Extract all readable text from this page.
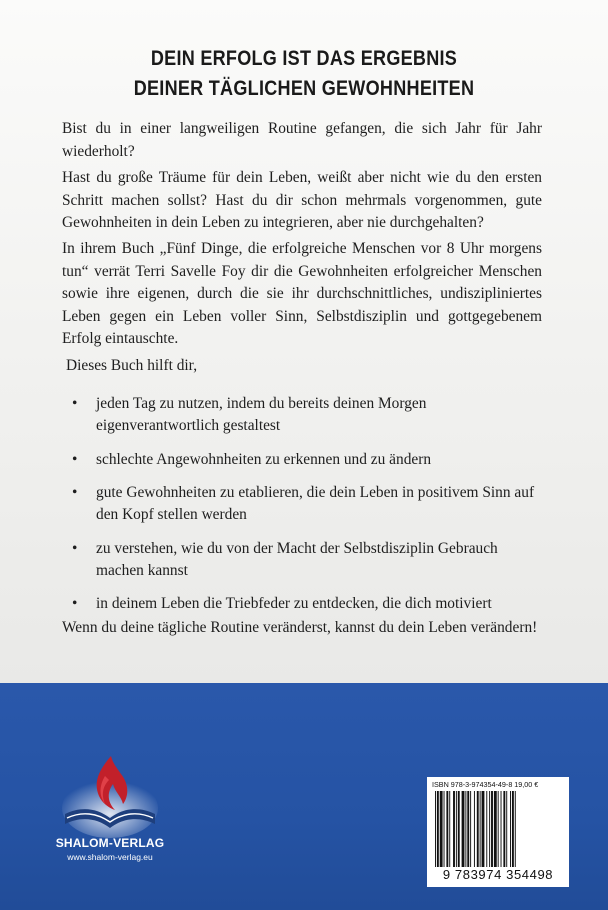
DEIN ERFOLG IST DAS ERGEBNIS
DEINER TÄGLICHEN GEWOHNHEITEN

Bist du in einer langweiligen Routine gefangen, die sich Jahr für Jahr wiederholt?

Hast du große Träume für dein Leben, weißt aber nicht wie du den ersten Schritt machen sollst? Hast du dir schon mehrmals vorgenommen, gute Gewohnheiten in dein Leben zu integrieren, aber nie durchgehalten?

In ihrem Buch „Fünf Dinge, die erfolgreiche Menschen vor 8 Uhr morgens tun“ verrät Terri Savelle Foy dir die Gewohnheiten erfolgreicher Menschen sowie ihre eigenen, durch die sie ihr durchschnittliches, undiszipliniertes Leben gegen ein Leben voller Sinn, Selbstdisziplin und gottgegebenem Erfolg eintauschte.

Dieses Buch hilft dir,

• jeden Tag zu nutzen, indem du bereits deinen Morgen eigenverantwortlich gestaltest
• schlechte Angewohnheiten zu erkennen und zu ändern
• gute Gewohnheiten zu etablieren, die dein Leben in positivem Sinn auf den Kopf stellen werden
• zu verstehen, wie du von der Macht der Selbstdisziplin Gebrauch machen kannst
• in deinem Leben die Triebfeder zu entdecken, die dich motiviert

Wenn du deine tägliche Routine veränderst, kannst du dein Leben verändern!

SHALOM-VERLAG
www.shalom-verlag.eu
ISBN 978-3-974354-49-8 19,00 €
9 783974 354498
